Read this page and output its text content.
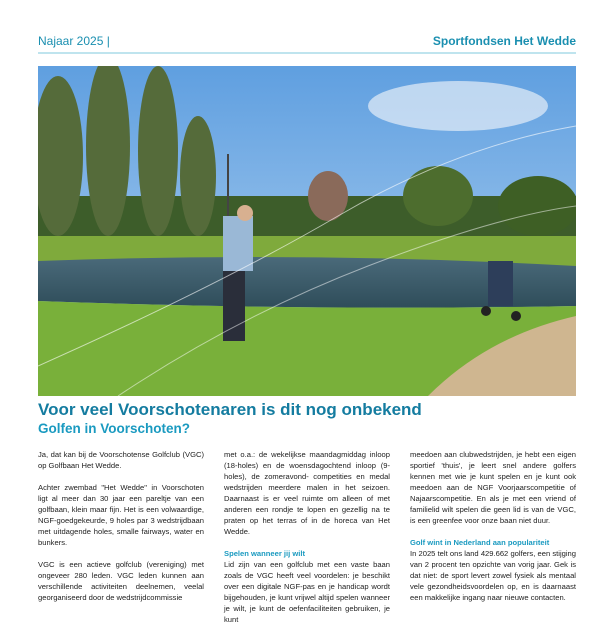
Najaar 2025 |	Sportfondsen Het Wedde
Voor veel Voorschotenaren is dit nog onbekend
Golfen in Voorschoten?

Ja, dat kan bij de Voorschotense Golfclub (VGC) op Golfbaan Het Wedde.

Achter zwembad "Het Wedde" in Voorschoten ligt al meer dan 30 jaar een pareltje van een golfbaan, klein maar fijn. Het is een volwaardige, NGF-goedgekeurde, 9 holes par 3 wedstrijdbaan met uitdagende holes, smalle fairways, water en bunkers.

VGC is een actieve golfclub (vereniging) met ongeveer 280 leden. VGC leden kunnen aan verschillende activiteiten deelnemen, veelal georganiseerd door de wedstrijdcommissie

met o.a.: de wekelijkse maandagmiddag inloop (18-holes) en de woensdagochtend inloop (9-holes), de zomeravond- competities en medal wedstrijden meerdere malen in het seizoen. Daarnaast is er veel ruimte om alleen of met anderen een rondje te lopen en gezellig na te praten op het terras of in de horeca van Het Wedde.

Spelen wanneer jij wilt

Lid zijn van een golfclub met een vaste baan zoals de VGC heeft veel voordelen: je beschikt over een digitale NGF-pas en je handicap wordt bijgehouden, je kunt vrijwel altijd spelen wanneer je wilt, je kunt de oefenfaciliteiten gebruiken, je kunt

meedoen aan clubwedstrijden, je hebt een eigen sportief 'thuis', je leert snel andere golfers kennen met wie je kunt spelen en je kunt ook meedoen aan de NGF Voorjaarscompetitie of Najaarscompetitie. En als je met een vriend of familielid wilt spelen die geen lid is van de VGC, is een greenfee voor onze baan niet duur.

Golf wint in Nederland aan populariteit

In 2025 telt ons land 429.662 golfers, een stijging van 2 procent ten opzichte van vorig jaar. Gek is dat niet: de sport levert zowel fysiek als mentaal vele gezondheidsvoordelen op, en is daarnaast een makkelijke ingang naar nieuwe contacten.
